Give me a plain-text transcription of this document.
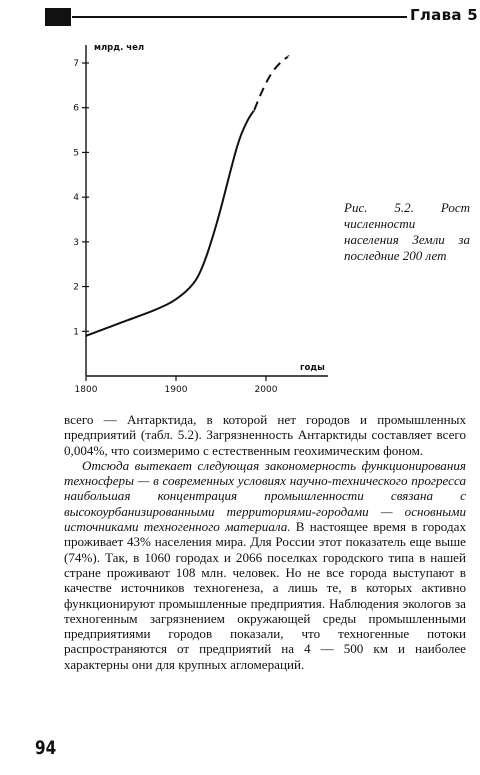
Глава 5
млрд. чел
годы
1
2
3
4
5
6
7
1800	1900	2000
Рис. 5.2. Рост численности населения Земли за последние 200 лет

всего — Антарктида, в которой нет городов и промышленных предприятий (табл. 5.2). Загрязненность Антарктиды составляет всего 0,004%, что соизмеримо с естественным геохимическим фоном.

Отсюда вытекает следующая закономерность функционирования техносферы — в современных условиях научно-технического прогресса наибольшая концентрация промышленности связана с высокоурбанизированными территориями-городами — основными источниками техногенного материала. В настоящее время в городах проживает 43% населения мира. Для России этот показатель еще выше (74%). Так, в 1060 городах и 2066 поселках городского типа в нашей стране проживают 108 млн. человек. Но не все города выступают в качестве источников техногенеза, а лишь те, в которых активно функционируют промышленные предприятия. Наблюдения экологов за техногенным загрязнением окружающей среды промышленными предприятиями городов показали, что техногенные потоки распространяются от предприятий на 4 — 500 км и наиболее характерны они для крупных агломераций.

94
